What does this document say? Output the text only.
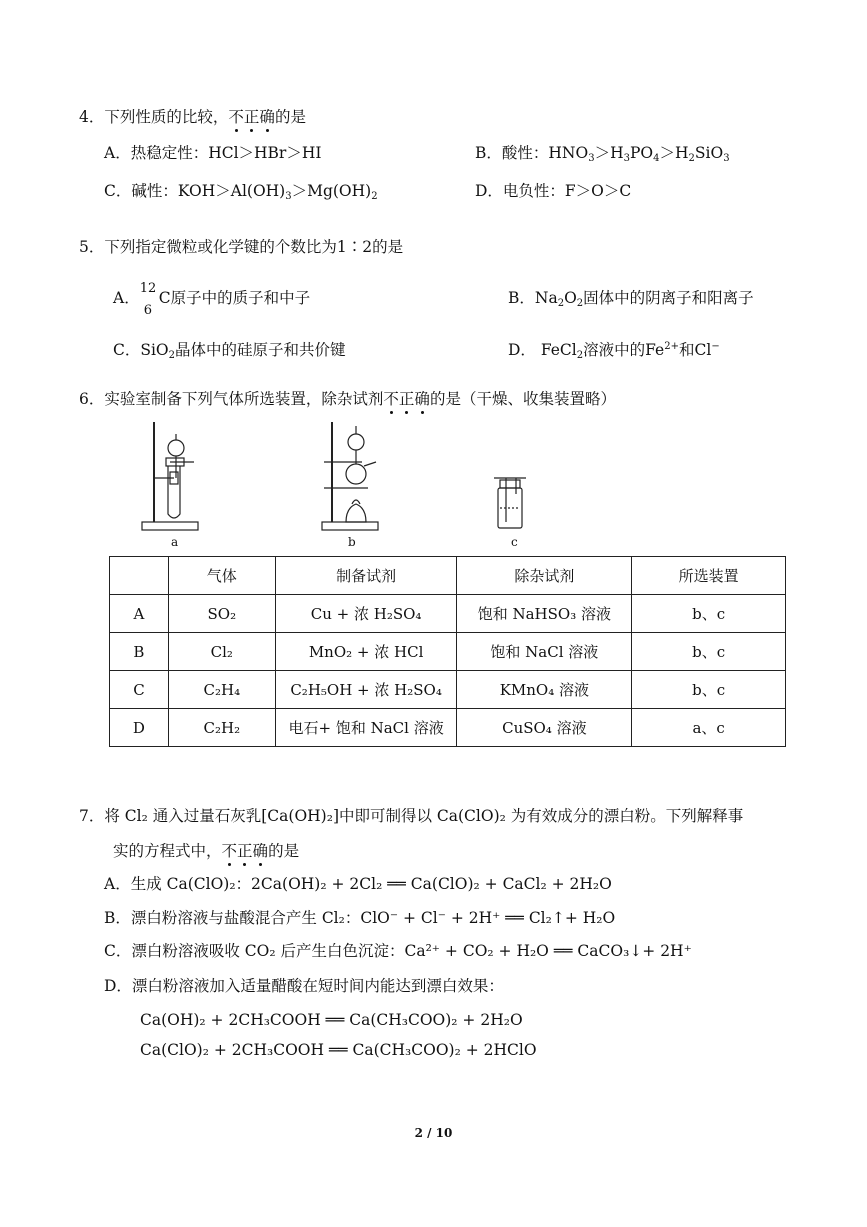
4．下列性质的比较，不正确的是
A．热稳定性：HCl＞HBr＞HI	B．酸性：$HNO_3>H_3PO_4>H_2SiO_3$
C．碱性：$KOH>Al(OH)_3>Mg(OH)_2$	D．电负性：F＞O＞C
5．下列指定微粒或化学键的个数比为1∶2的是
A．
12
6
C原子中的质子和中子	B．$Na_2O_2$固体中的阴离子和阳离子
C．SiO$_2$晶体中的硅原子和共价键	D． FeCl$_2$溶液中的$Fe^{2+}$和Cl−
6．实验室制备下列气体所选装置，除杂试剂不正确的是（干燥、收集装置略）
a	b	c
	气体	制备试剂	除杂试剂	所选装置
A	SO₂	Cu + 浓 H₂SO₄	饱和 NaHSO₃ 溶液	b、c
B	Cl₂	MnO₂ + 浓 HCl	饱和 NaCl 溶液	b、c
C	C₂H₄	C₂H₅OH + 浓 H₂SO₄	KMnO₄ 溶液	b、c
D	C₂H₂	电石+ 饱和 NaCl 溶液	CuSO₄ 溶液	a、c
7．将 Cl₂ 通入过量石灰乳[Ca(OH)₂]中即可制得以 Ca(ClO)₂ 为有效成分的漂白粉。下列解释事
实的方程式中，不正确的是
A．生成 Ca(ClO)₂：2Ca(OH)₂ + 2Cl₂ ══ Ca(ClO)₂ + CaCl₂ + 2H₂O
B．漂白粉溶液与盐酸混合产生 Cl₂：ClO⁻ + Cl⁻ + 2H⁺ ══ Cl₂↑+ H₂O
C．漂白粉溶液吸收 CO₂ 后产生白色沉淀：Ca²⁺ + CO₂ + H₂O ══ CaCO₃↓+ 2H⁺
D．漂白粉溶液加入适量醋酸在短时间内能达到漂白效果：
Ca(OH)₂ + 2CH₃COOH ══ Ca(CH₃COO)₂ + 2H₂O
Ca(ClO)₂ + 2CH₃COOH ══ Ca(CH₃COO)₂ + 2HClO
2 / 10
